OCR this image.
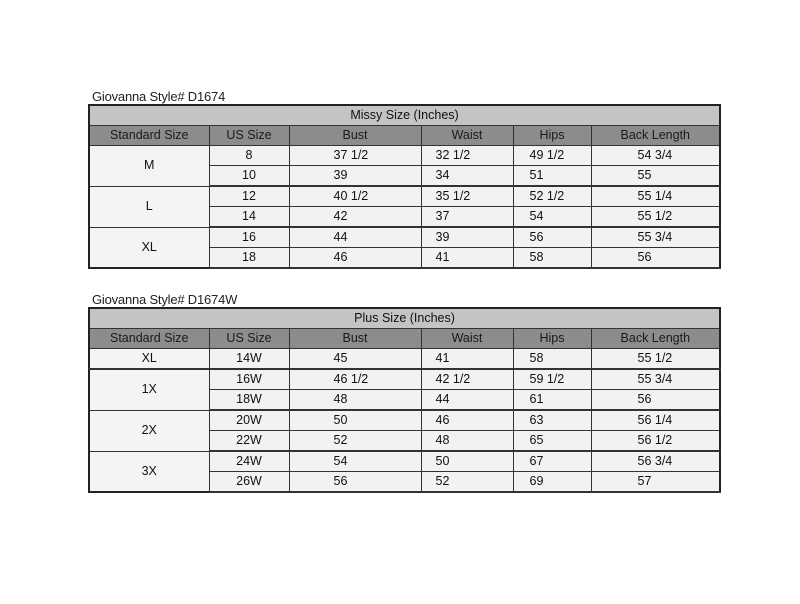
Giovanna Style# D1674
Missy Size (Inches)					
Standard Size	US Size	Bust	Waist	Hips	Back Length
M	8	37 1/2	32 1/2	49 1/2	54 3/4
	10	39	34	51	55
L	12	40 1/2	35 1/2	52 1/2	55 1/4
	14	42	37	54	55 1/2
XL	16	44	39	56	55 3/4
	18	46	41	58	56
Giovanna Style# D1674W
Plus Size (Inches)					
Standard Size	US Size	Bust	Waist	Hips	Back Length
XL	14W	45	41	58	55 1/2
1X	16W	46 1/2	42 1/2	59 1/2	55 3/4
	18W	48	44	61	56
2X	20W	50	46	63	56 1/4
	22W	52	48	65	56 1/2
3X	24W	54	50	67	56 3/4
	26W	56	52	69	57
